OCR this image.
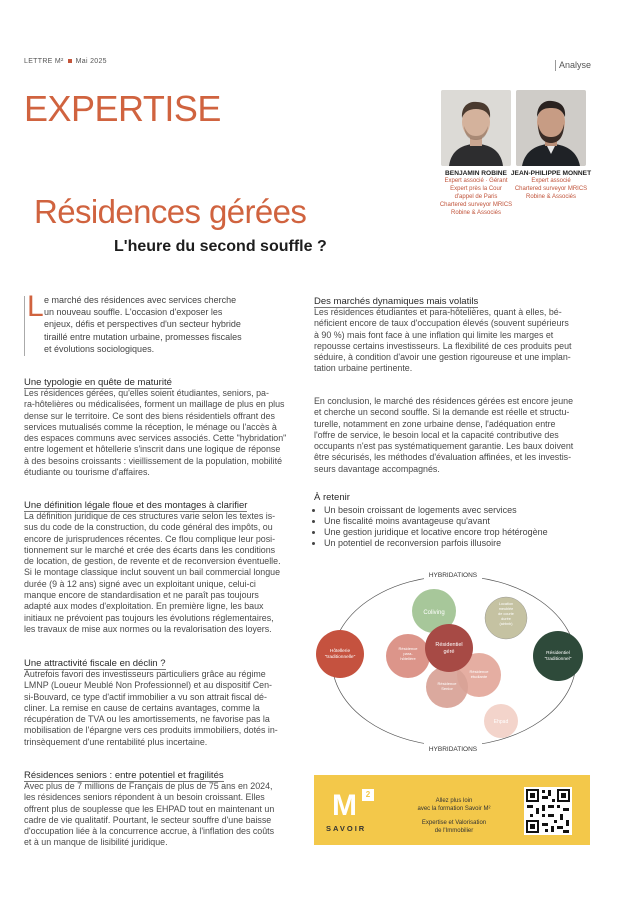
LETTRE M² Mai 2025	Analyse
EXPERTISE
BENJAMIN ROBINE
Expert associé · Gérant
Expert près la Cour
d'appel de Paris
Chartered surveyor MRICS
Robine & Associés
JEAN-PHILIPPE MONNET
Expert associé
Chartered surveyor MRICS
Robine & Associés
Résidences gérées
L'heure du second souffle ?
L e marché des résidences avec services cherche
un nouveau souffle. L'occasion d'exposer les
enjeux, défis et perspectives d'un secteur hybride
tiraillé entre mutation urbaine, promesses fiscales
et évolutions sociologiques.
Une typologie en quête de maturité
Les résidences gérées, qu'elles soient étudiantes, seniors, pa-
ra-hôtelières ou médicalisées, forment un maillage de plus en plus
dense sur le territoire. Ce sont des biens résidentiels offrant des
services mutualisés comme la réception, le ménage ou l'accès à
des espaces communs avec services associés. Cette "hybridation"
entre logement et hôtellerie s'inscrit dans une logique de réponse
à des besoins croissants : vieillissement de la population, mobilité
étudiante ou tourisme d'affaires.
Une définition légale floue et des montages à clarifier
La définition juridique de ces structures varie selon les textes is-
sus du code de la construction, du code général des impôts, ou
encore de jurisprudences récentes. Ce flou complique leur posi-
tionnement sur le marché et crée des écarts dans les conditions
de location, de gestion, de revente et de reconversion éventuelle.
Si le montage classique inclut souvent un bail commercial longue
durée (9 à 12 ans) signé avec un exploitant unique, celui-ci
manque encore de standardisation et ne paraît pas toujours
adapté aux modes d'exploitation. En première ligne, les baux
initiaux ne prévoient pas toujours les évolutions réglementaires,
les travaux de mise aux normes ou la revalorisation des loyers.
Une attractivité fiscale en déclin ?
Autrefois favori des investisseurs particuliers grâce au régime
LMNP (Loueur Meublé Non Professionnel) et au dispositif Cen-
si-Bouvard, ce type d'actif immobilier a vu son attrait fiscal dé-
cliner. La remise en cause de certains avantages, comme la
récupération de TVA ou les amortissements, ne favorise pas la
mobilisation de l'épargne vers ces produits immobiliers, dotés in-
trinsèquement d'une rentabilité plus incertaine.
Résidences seniors : entre potentiel et fragilités
Avec plus de 7 millions de Français de plus de 75 ans en 2024,
les résidences seniors répondent à un besoin croissant. Elles
offrent plus de souplesse que les EHPAD tout en maintenant un
cadre de vie qualitatif. Pourtant, le secteur souffre d'une baisse
d'occupation liée à la concurrence accrue, à l'inflation des coûts
et à un manque de lisibilité juridique.
Des marchés dynamiques mais volatils
Les résidences étudiantes et para-hôtelières, quant à elles, bé-
néficient encore de taux d'occupation élevés (souvent supérieurs
à 90 %) mais font face à une inflation qui limite les marges et
repousse certains investisseurs. La flexibilité de ces produits peut
séduire, à condition d'avoir une gestion rigoureuse et une implan-
tation urbaine pertinente.
En conclusion, le marché des résidences gérées est encore jeune
et cherche un second souffle. Si la demande est réelle et structu-
turelle, notamment en zone urbaine dense, l'adéquation entre
l'offre de service, le besoin local et la capacité contributive des
occupants n'est pas systématiquement garantie. Les baux doivent
être sécurisés, les méthodes d'évaluation affinées, et les investis-
seurs davantage accompagnés.
À retenir
• Un besoin croissant de logements avec services
• Une fiscalité moins avantageuse qu'avant
• Une gestion juridique et locative encore trop hétérogène
• Un potentiel de reconversion parfois illusoire
HYBRIDATIONS
HYBRIDATIONS
Coliving
Location
meublée
de courte
durée
(airbnb)
Hôtellerie
"traditionnelle"
Résidentiel
"traditionnel"
Résidence
para-
hôtelière
Résidence
étudiante
Résidence
Senior
Ehpad
Résidentiel
géré
M	2
SAVOIR
Allez plus loin
avec la formation Savoir M²
Expertise et Valorisation
de l'Immobilier
